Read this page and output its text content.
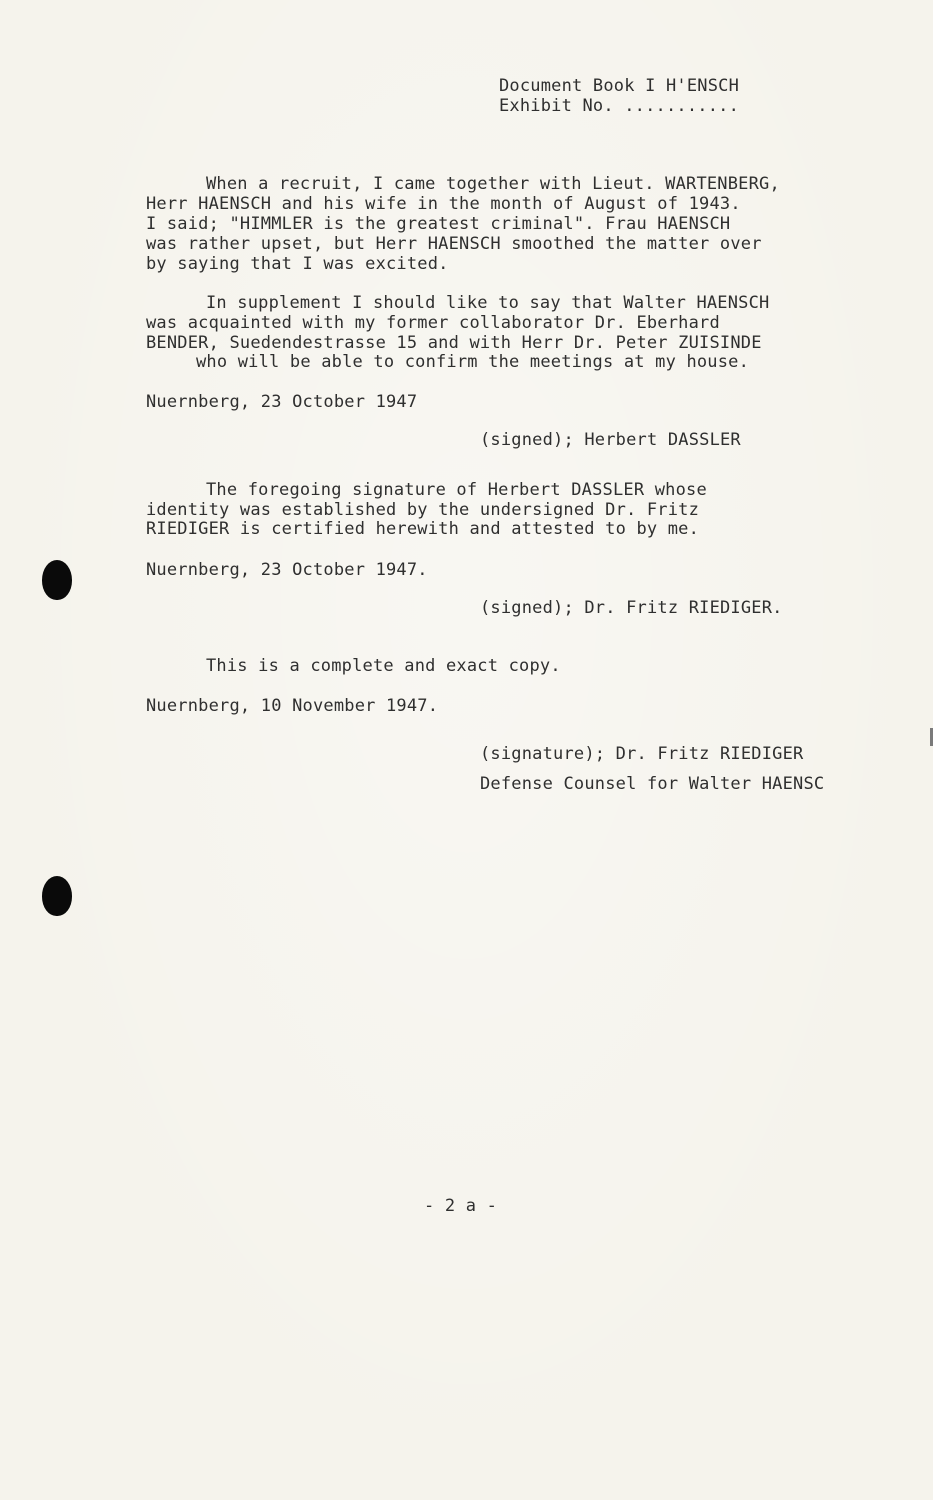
Document Book I H'ENSCH
Exhibit No. ...........
When a recruit, I came together with Lieut. WARTENBERG,
Herr HAENSCH and his wife in the month of August of 1943.
I said; "HIMMLER is the greatest criminal". Frau HAENSCH
was rather upset, but Herr HAENSCH smoothed the matter over
by saying that I was excited.
In supplement I should like to say that Walter HAENSCH
was acquainted with my former collaborator Dr. Eberhard
BENDER, Suedendestrasse 15 and with Herr Dr. Peter ZUISINDE
who will be able to confirm the meetings at my house.
Nuernberg, 23 October 1947
(signed); Herbert DASSLER
The foregoing signature of Herbert DASSLER whose
identity was established by the undersigned Dr. Fritz
RIEDIGER is certified herewith and attested to by me.
Nuernberg, 23 October 1947.
(signed); Dr. Fritz RIEDIGER.
This is a complete and exact copy.
Nuernberg, 10 November 1947.
(signature); Dr. Fritz RIEDIGER
Defense Counsel for Walter HAENSC
- 2 a -
